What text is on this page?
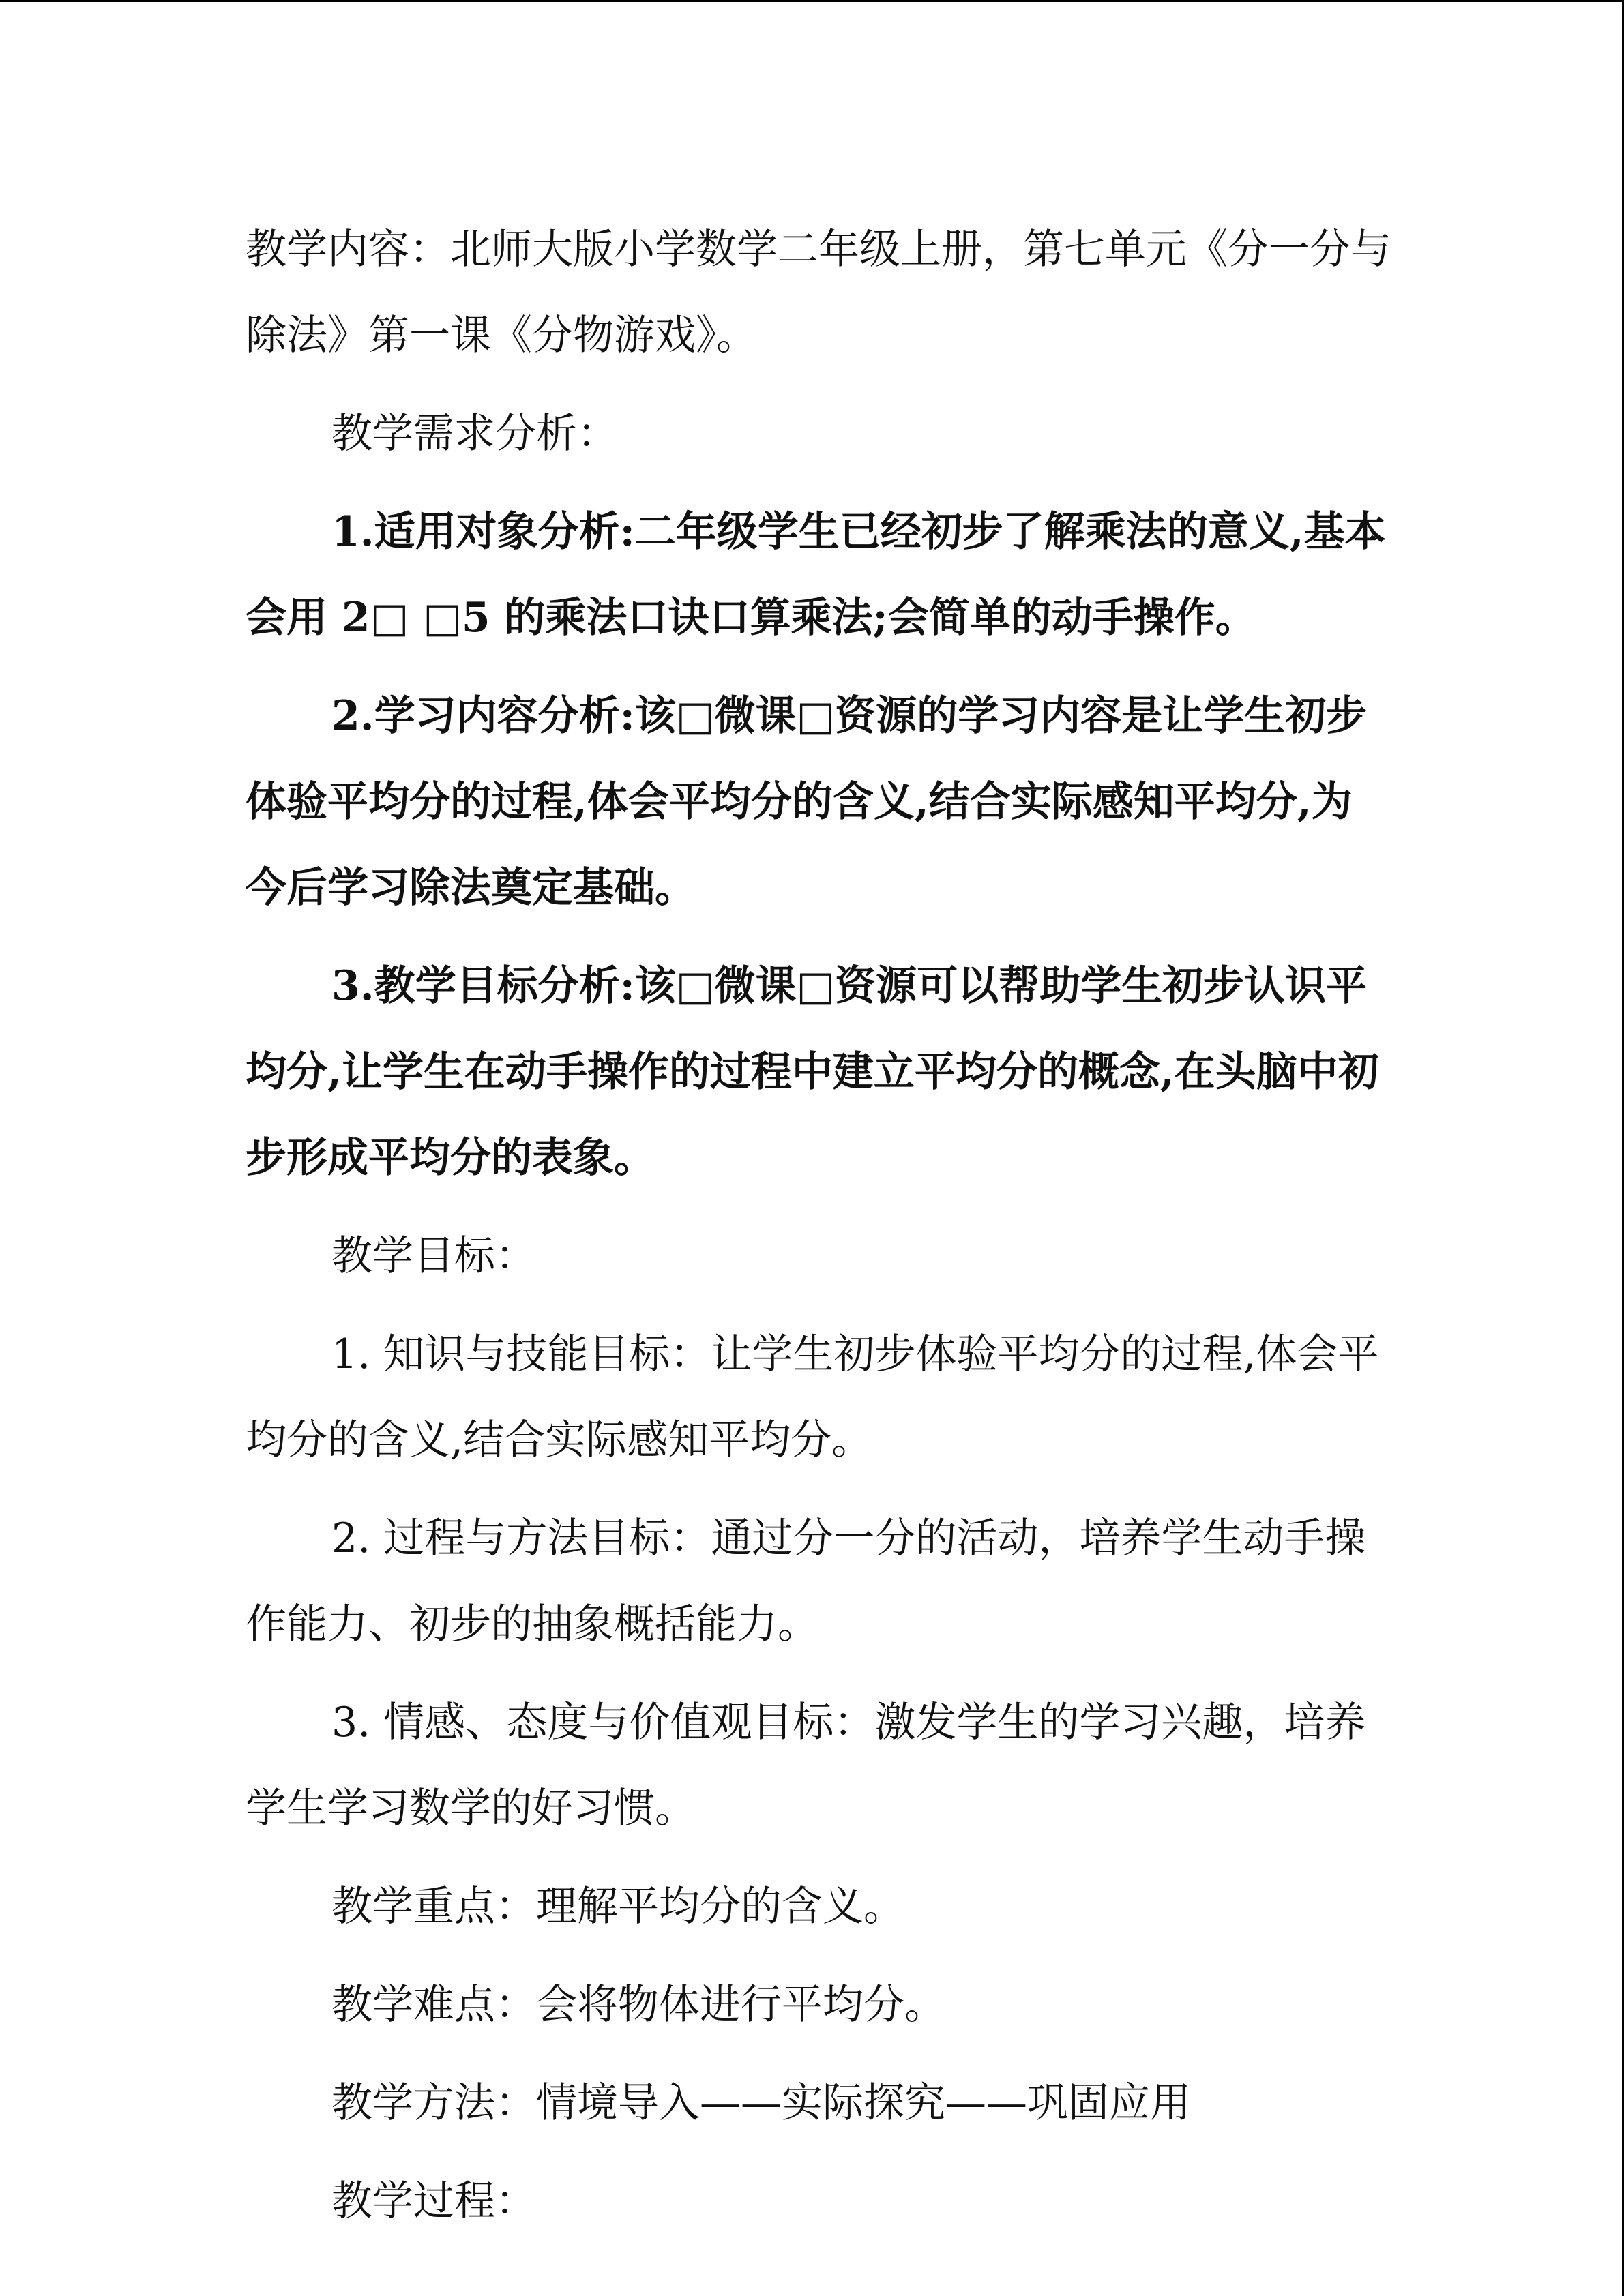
教学内容：北师大版小学数学二年级上册，第七单元《分一分与除法》第一课《分物游戏》。

教学需求分析：

1.适用对象分析:二年级学生已经初步了解乘法的意义,基本会用 2□ □5 的乘法口诀口算乘法;会简单的动手操作。

2.学习内容分析:该□微课□资源的学习内容是让学生初步体验平均分的过程,体会平均分的含义,结合实际感知平均分,为今后学习除法奠定基础。

3.教学目标分析:该□微课□资源可以帮助学生初步认识平均分,让学生在动手操作的过程中建立平均分的概念,在头脑中初步形成平均分的表象。

教学目标：

1. 知识与技能目标：让学生初步体验平均分的过程,体会平均分的含义,结合实际感知平均分。

2. 过程与方法目标：通过分一分的活动，培养学生动手操作能力、初步的抽象概括能力。

3. 情感、态度与价值观目标：激发学生的学习兴趣，培养学生学习数学的好习惯。

教学重点：理解平均分的含义。

教学难点：会将物体进行平均分。

教学方法：情境导入——实际探究——巩固应用

教学过程：
